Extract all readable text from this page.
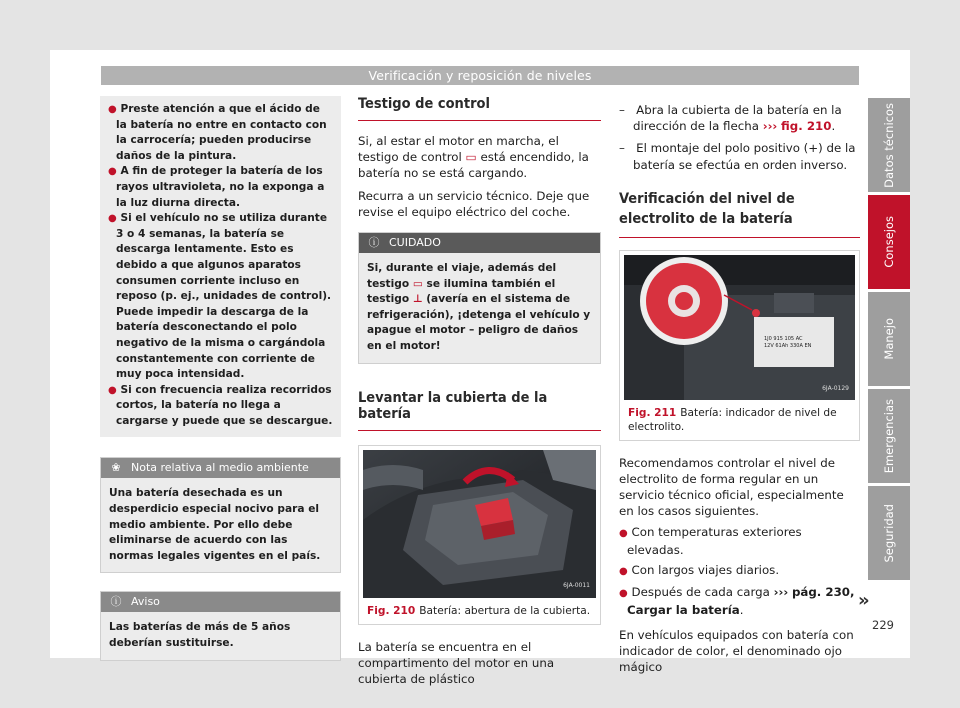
Verificación y reposición de niveles
Datos técnicos
Consejos
Manejo
Emergencias
Seguridad

● Preste atención a que el ácido de la batería no entre en contacto con la carrocería; pueden producirse daños de la pintura.

● A fin de proteger la batería de los rayos ultravioleta, no la exponga a la luz diurna directa.

● Si el vehículo no se utiliza durante 3 o 4 semanas, la batería se descarga lentamente. Esto es debido a que algunos aparatos consumen corriente incluso en reposo (p. ej., unidades de control). Puede impedir la descarga de la batería desconectando el polo negativo de la misma o cargándola constantemente con corriente de muy poca intensidad.

● Si con frecuencia realiza recorridos cortos, la batería no llega a cargarse y puede que se descargue.

❀ Nota relativa al medio ambiente
Una batería desechada es un desperdicio especial nocivo para el medio ambiente. Por ello debe eliminarse de acuerdo con las normas legales vigentes en el país.
ⓘ Aviso
Las baterías de más de 5 años deberían sustituirse.
Testigo de control

Si, al estar el motor en marcha, el testigo de control ▭ está encendido, la batería no se está cargando.

Recurra a un servicio técnico. Deje que revise el equipo eléctrico del coche.

ⓘ CUIDADO
Si, durante el viaje, además del testigo ▭ se ilumina también el testigo ⊥ (avería en el sistema de refrigeración), ¡detenga el vehículo y apague el motor – peligro de daños en el motor!
Levantar la cubierta de la batería
6JA-0011
Fig. 210 Batería: abertura de la cubierta.

La batería se encuentra en el compartimento del motor en una cubierta de plástico

–   Abra la cubierta de la batería en la dirección de la flecha ››› fig. 210.

–   El montaje del polo positivo (+) de la batería se efectúa en orden inverso.

Verificación del nivel de electrolito de la batería
1J0 915 105 AC
12V 61Ah 330A EN
6JA-0129
Fig. 211 Batería: indicador de nivel de electrolito.

Recomendamos controlar el nivel de electrolito de forma regular en un servicio técnico oficial, especialmente en los casos siguientes.

● Con temperaturas exteriores elevadas.

● Con largos viajes diarios.

● Después de cada carga ››› pág. 230, Cargar la batería.

En vehículos equipados con batería con indicador de color, el denominado ojo mágico

»
229
